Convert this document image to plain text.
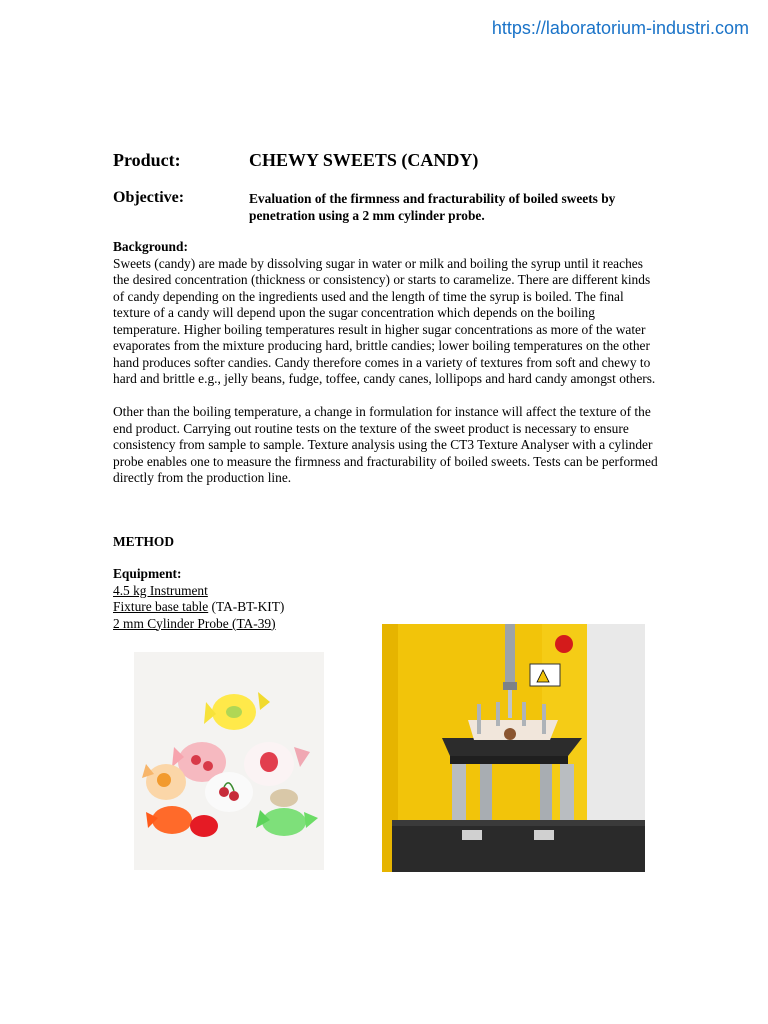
https://laboratorium-industri.com
Product:	CHEWY SWEETS (CANDY)
Objective:	Evaluation of the firmness and fracturability of boiled sweets by penetration using a 2 mm cylinder probe.
Background:
Sweets (candy) are made by dissolving sugar in water or milk and boiling the syrup until it reaches the desired concentration (thickness or consistency) or starts to caramelize. There are different kinds of candy depending on the ingredients used and the length of time the syrup is boiled. The final texture of a candy will depend upon the sugar concentration which depends on the boiling temperature. Higher boiling temperatures result in higher sugar concentrations as more of the water evaporates from the mixture producing hard, brittle candies; lower boiling temperatures on the other hand produces softer candies. Candy therefore comes in a variety of textures from soft and chewy to hard and brittle e.g., jelly beans, fudge, toffee, candy canes, lollipops and hard candy amongst others.
Other than the boiling temperature, a change in formulation for instance will affect the texture of the end product. Carrying out routine tests on the texture of the sweet product is necessary to ensure consistency from sample to sample. Texture analysis using the CT3 Texture Analyser with a cylinder probe enables one to measure the firmness and fracturability of boiled sweets. Tests can be performed directly from the production line.
METHOD
Equipment:
4.5 kg Instrument
Fixture base table (TA-BT-KIT)
2 mm Cylinder Probe (TA-39)
